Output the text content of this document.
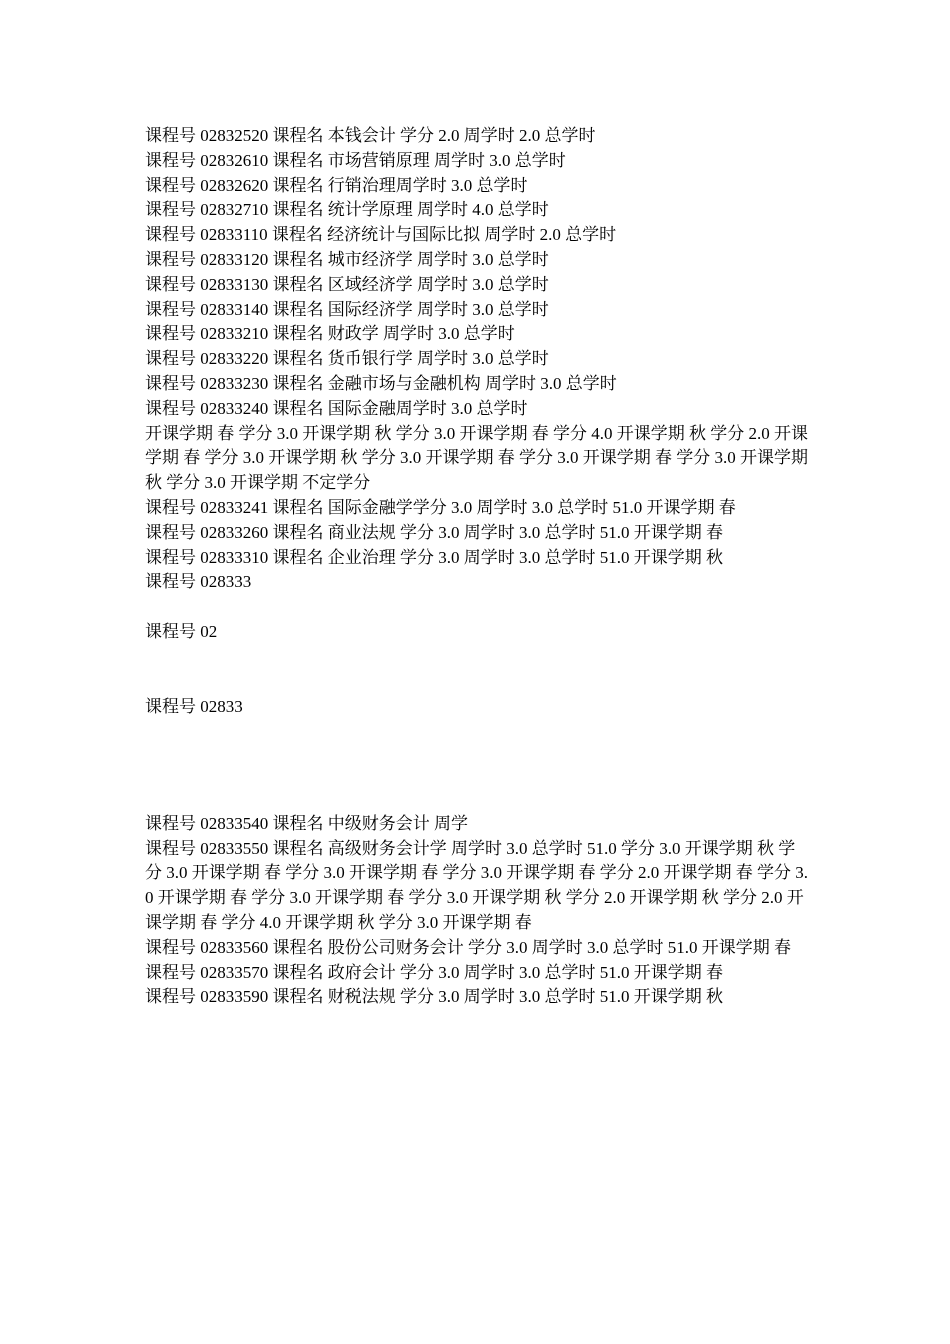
课程号 02832520 课程名 本钱会计 学分 2.0 周学时 2.0 总学时

课程号 02832610 课程名 市场营销原理 周学时 3.0 总学时

课程号 02832620 课程名 行销治理周学时 3.0 总学时

课程号 02832710 课程名 统计学原理 周学时 4.0 总学时

课程号 02833110 课程名 经济统计与国际比拟 周学时 2.0 总学时

课程号 02833120 课程名 城市经济学 周学时 3.0 总学时

课程号 02833130 课程名 区域经济学 周学时 3.0 总学时

课程号 02833140 课程名 国际经济学 周学时 3.0 总学时

课程号 02833210 课程名 财政学 周学时 3.0 总学时

课程号 02833220 课程名 货币银行学 周学时 3.0 总学时

课程号 02833230 课程名 金融市场与金融机构 周学时 3.0 总学时

课程号 02833240 课程名 国际金融周学时 3.0 总学时

开课学期 春 学分 3.0 开课学期 秋 学分 3.0 开课学期 春 学分 4.0 开课学期 秋 学分 2.0 开课学期 春 学分 3.0 开课学期 秋 学分 3.0 开课学期 春 学分 3.0 开课学期 春 学分 3.0 开课学期 秋 学分 3.0 开课学期 不定学分

课程号 02833241 课程名 国际金融学学分 3.0 周学时 3.0 总学时 51.0 开课学期 春

课程号 02833260 课程名 商业法规 学分 3.0 周学时 3.0 总学时 51.0 开课学期 春

课程号 02833310 课程名 企业治理 学分 3.0 周学时 3.0 总学时 51.0 开课学期 秋

课程号 028333

课程号 02

课程号 02833

课程号 02833540 课程名 中级财务会计 周学

课程号 02833550 课程名 高级财务会计学 周学时 3.0 总学时 51.0 学分 3.0 开课学期 秋 学分 3.0 开课学期 春 学分 3.0 开课学期 春 学分 3.0 开课学期 春 学分 2.0 开课学期 春 学分 3.0 开课学期 春 学分 3.0 开课学期 春 学分 3.0 开课学期 秋 学分 2.0 开课学期 秋 学分 2.0 开课学期 春 学分 4.0 开课学期 秋 学分 3.0 开课学期 春

课程号 02833560 课程名 股份公司财务会计 学分 3.0 周学时 3.0 总学时 51.0 开课学期 春

课程号 02833570 课程名 政府会计 学分 3.0 周学时 3.0 总学时 51.0 开课学期 春

课程号 02833590 课程名 财税法规 学分 3.0 周学时 3.0 总学时 51.0 开课学期 秋
